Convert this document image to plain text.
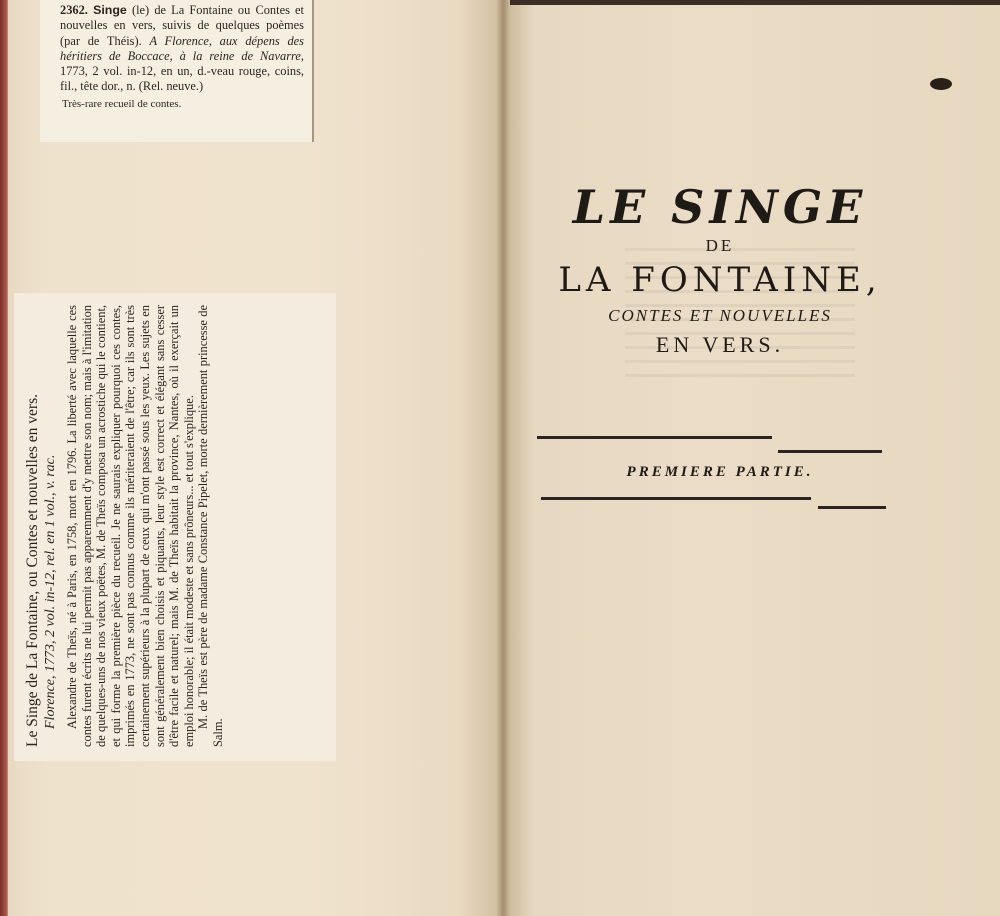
2362. Singe (le) de La Fontaine ou Contes et nouvelles en vers, suivis de quelques poèmes (par de Théis). A Florence, aux dépens des héritiers de Boccace, à la reine de Navarre, 1773, 2 vol. in-12, en un, d.-veau rouge, coins, fil., tête dor., n. (Rel. neuve.)
Très-rare recueil de contes.
Le Singe de La Fontaine, ou Contes et nouvelles en vers. Florence, 1773, 2 vol. in-12, rel. en 1 vol., v. rac. Alexandre de Theïs, né à Paris, en 1758, mort en 1796. La liberté avec laquelle ces contes furent écrits ne lui permit pas apparemment d'y mettre son nom; mais à l'imitation de quelques-uns de nos vieux poëtes, M. de Theïs composa un acrostiche qui le contient, et qui forme la première pièce du recueil. Je ne saurais expliquer pourquoi ces contes, imprimés en 1773, ne sont pas connus comme ils mériteraient de l'être; car ils sont très certainement supérieurs à la plupart de ceux qui m'ont passé sous les yeux. Les sujets en sont généralement bien choisis et piquants, leur style est correct et élégant sans cesser d'être facile et naturel; mais M. de Theïs habitait la province, Nantes, où il exerçait un emploi honorable; il était modeste et sans prôneurs... et tout s'explique. M. de Theïs est père de madame Constance Pipelet, morte dernièrement princesse de Salm.

LE SINGE
DE
LA FONTAINE,
CONTES ET NOUVELLES
EN VERS.
PREMIERE PARTIE.
